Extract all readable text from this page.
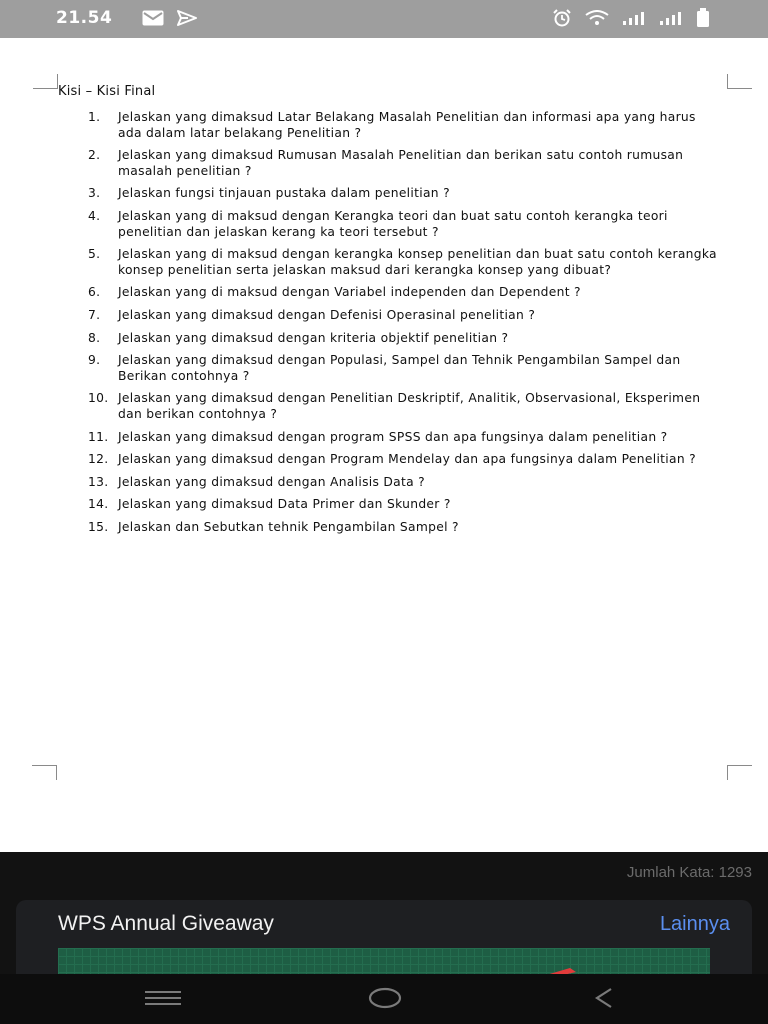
21.54
Kisi – Kisi Final
1.	Jelaskan yang dimaksud Latar Belakang Masalah Penelitian dan informasi apa yang harus ada dalam latar belakang Penelitian ?
2.	Jelaskan yang dimaksud Rumusan Masalah Penelitian dan berikan satu contoh rumusan masalah penelitian ?
3.	Jelaskan fungsi tinjauan pustaka dalam penelitian ?
4.	Jelaskan yang di maksud dengan Kerangka teori dan buat satu contoh kerangka teori penelitian dan jelaskan kerang ka teori tersebut ?
5.	Jelaskan yang di maksud dengan kerangka konsep penelitian dan buat satu contoh kerangka konsep penelitian serta jelaskan maksud dari kerangka konsep yang dibuat?
6.	Jelaskan yang di maksud dengan Variabel independen dan Dependent ?
7.	Jelaskan yang dimaksud dengan Defenisi Operasinal penelitian ?
8.	Jelaskan yang dimaksud dengan kriteria objektif penelitian ?
9.	Jelaskan yang dimaksud dengan Populasi, Sampel dan Tehnik Pengambilan Sampel dan Berikan contohnya ?
10. Jelaskan yang dimaksud dengan Penelitian Deskriptif, Analitik, Observasional, Eksperimen dan berikan contohnya ?
11. Jelaskan yang dimaksud dengan program SPSS dan apa fungsinya dalam penelitian ?
12. Jelaskan yang dimaksud dengan Program Mendelay dan apa fungsinya dalam Penelitian ?
13. Jelaskan yang dimaksud dengan Analisis Data ?
14. Jelaskan yang dimaksud Data Primer dan Skunder ?
15. Jelaskan dan Sebutkan tehnik Pengambilan Sampel ?
Jumlah Kata: 1293
WPS Annual Giveaway	Lainnya
